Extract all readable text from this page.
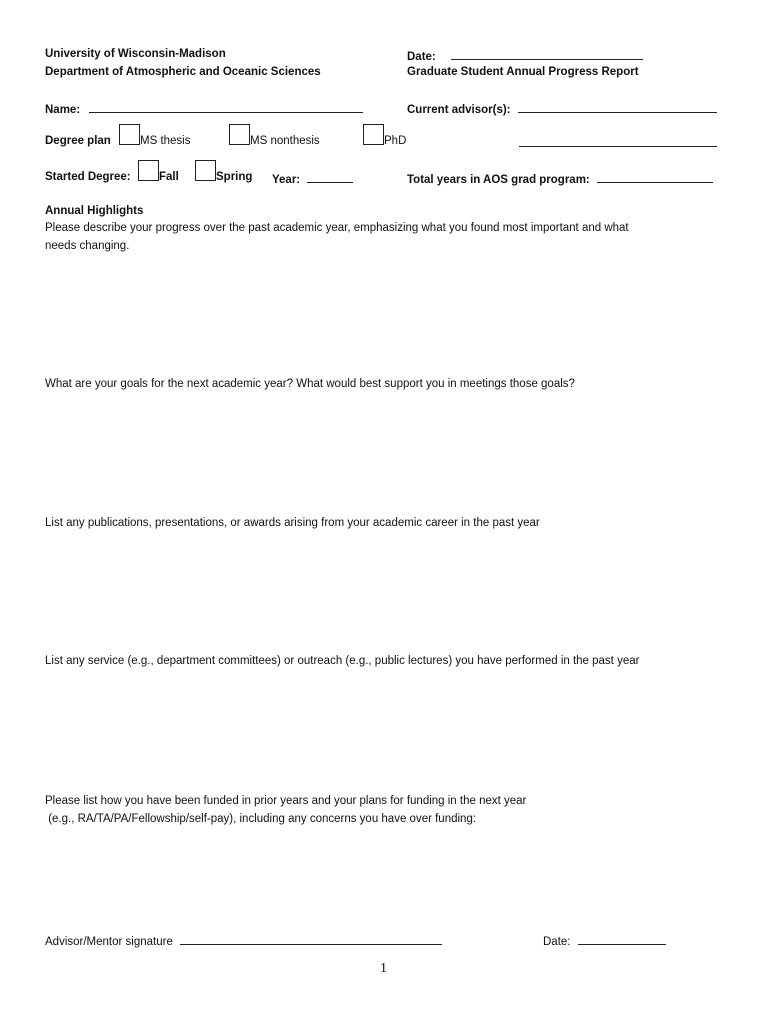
University of Wisconsin-Madison
Department of Atmospheric and Oceanic Sciences
Date:
Graduate Student Annual Progress Report
Name:	Current advisor(s):
Degree plan	MS thesis	MS nonthesis	PhD
Started Degree: Fall	Spring Year:	Total years in AOS grad program:
Annual Highlights
Please describe your progress over the past academic year, emphasizing what you found most important and what
needs changing.
What are your goals for the next academic year? What would best support you in meetings those goals?
List any publications, presentations, or awards arising from your academic career in the past year
List any service (e.g., department committees) or outreach (e.g., public lectures) you have performed in the past year
Please list how you have been funded in prior years and your plans for funding in the next year
(e.g., RA/TA/PA/Fellowship/self-pay), including any concerns you have over funding:
Advisor/Mentor signature	Date:
1
